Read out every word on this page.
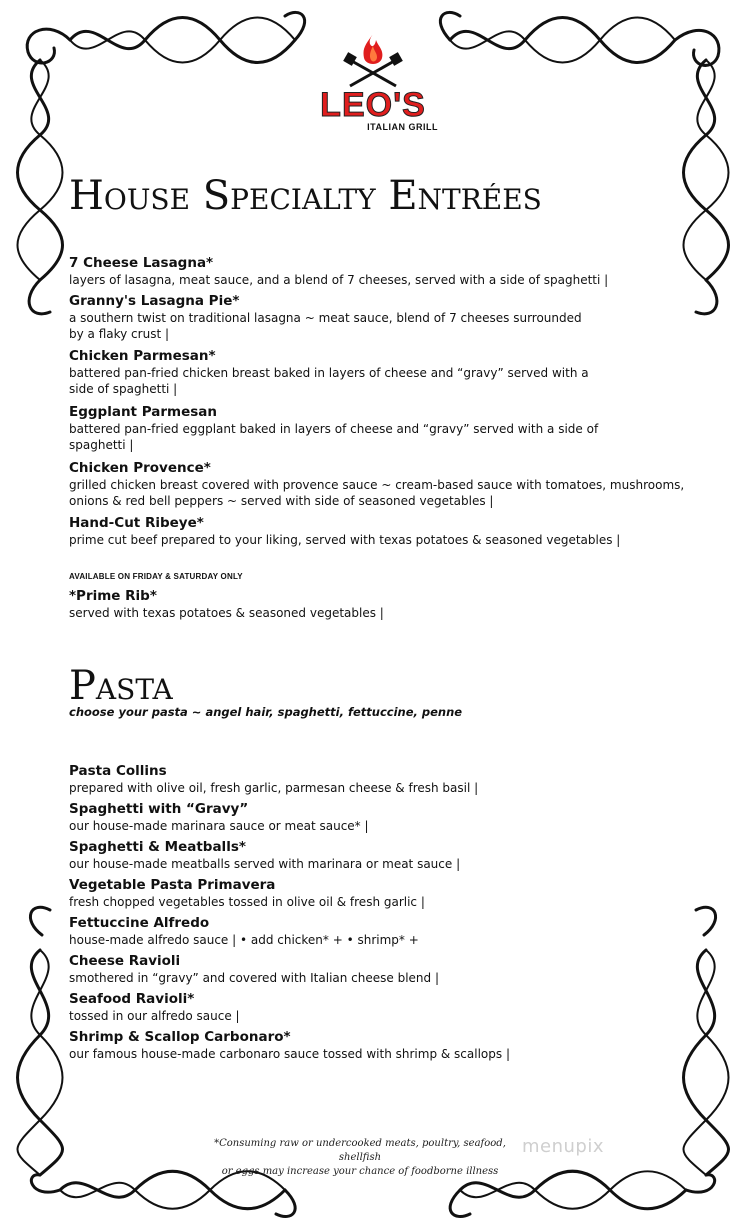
LEO'S
ITALIAN GRILL
House Specialty Entrées
7 Cheese Lasagna*
layers of lasagna, meat sauce, and a blend of 7 cheeses, served with a side of spaghetti |
Granny's Lasagna Pie*
a southern twist on traditional lasagna ~ meat sauce, blend of 7 cheeses surrounded
by a flaky crust |
Chicken Parmesan*
battered pan-fried chicken breast baked in layers of cheese and “gravy” served with a
side of spaghetti |
Eggplant Parmesan
battered pan-fried eggplant baked in layers of cheese and “gravy” served with a side of
spaghetti |
Chicken Provence*
grilled chicken breast covered with provence sauce ~ cream-based sauce with tomatoes, mushrooms,
onions & red bell peppers ~ served with side of seasoned vegetables |
Hand-Cut Ribeye*
prime cut beef prepared to your liking, served with texas potatoes & seasoned vegetables |
AVAILABLE ON FRIDAY & SATURDAY ONLY
*Prime Rib*
served with texas potatoes & seasoned vegetables |
Pasta
choose your pasta ~ angel hair, spaghetti, fettuccine, penne
Pasta Collins
prepared with olive oil, fresh garlic, parmesan cheese & fresh basil |
Spaghetti with “Gravy”
our house-made marinara sauce or meat sauce* |
Spaghetti & Meatballs*
our house-made meatballs served with marinara or meat sauce |
Vegetable Pasta Primavera
fresh chopped vegetables tossed in olive oil & fresh garlic |
Fettuccine Alfredo
house-made alfredo sauce | • add chicken* + • shrimp* +
Cheese Ravioli
smothered in “gravy” and covered with Italian cheese blend |
Seafood Ravioli*
tossed in our alfredo sauce |
Shrimp & Scallop Carbonaro*
our famous house-made carbonaro sauce tossed with shrimp & scallops |
*Consuming raw or undercooked meats, poultry, seafood, shellfish
or eggs may increase your chance of foodborne illness
menupix
